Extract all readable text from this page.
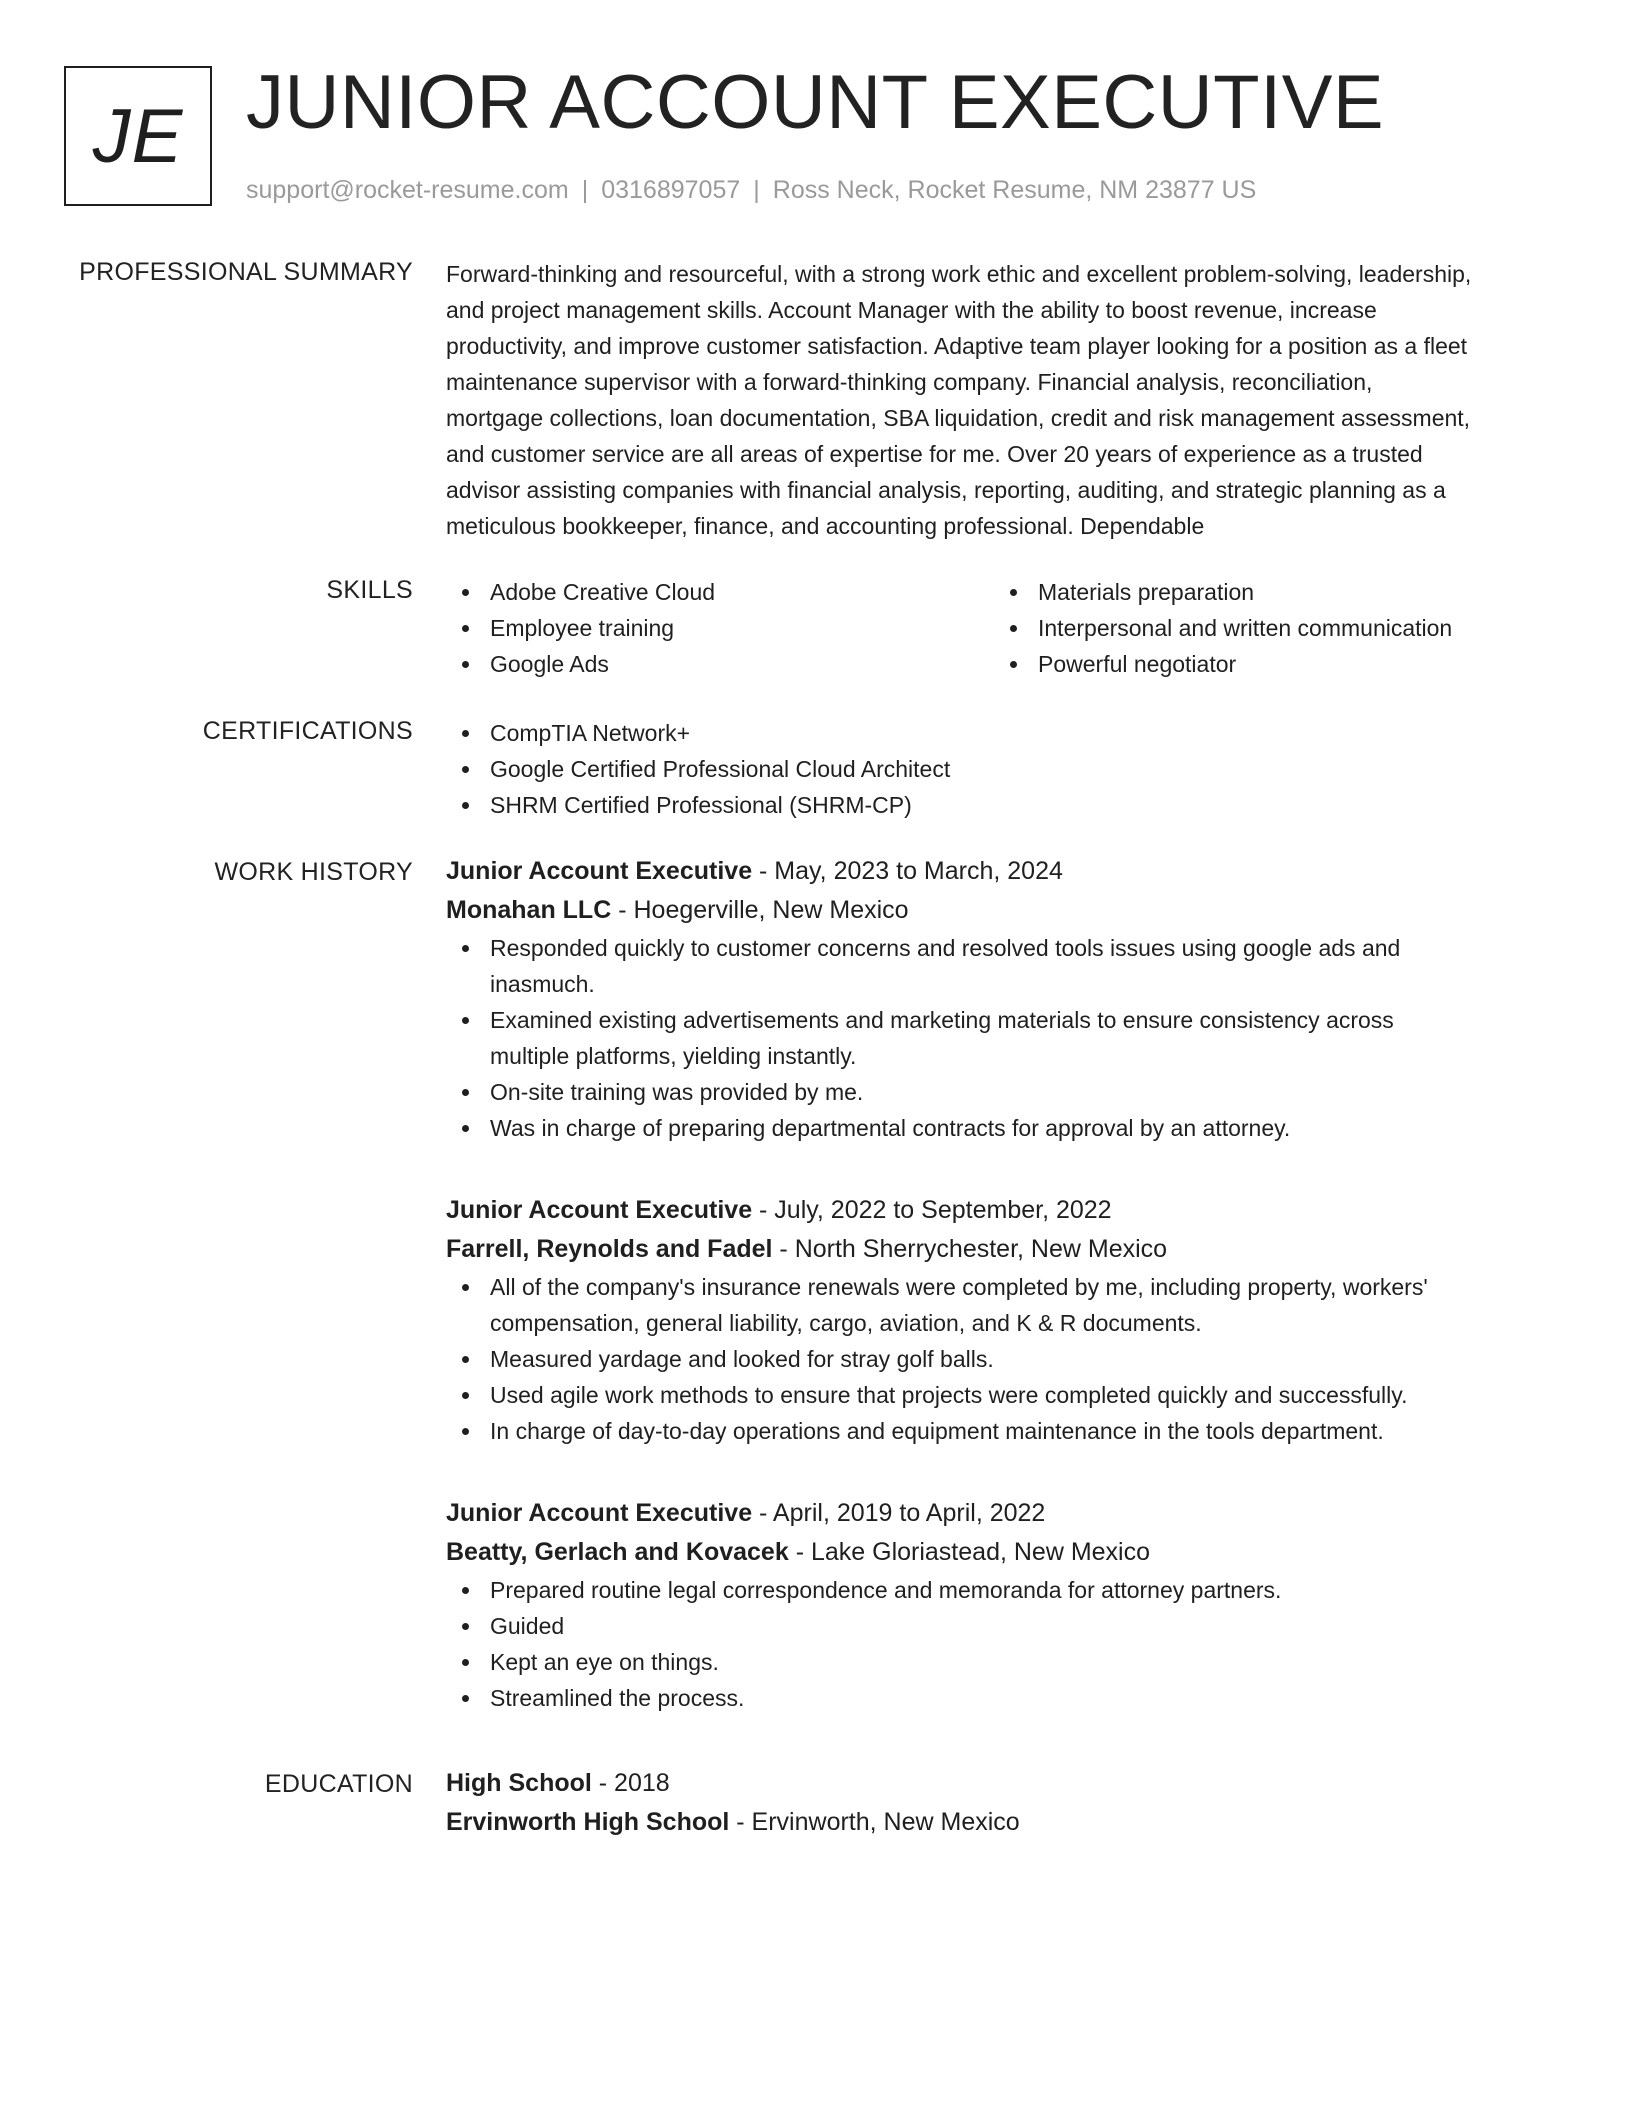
JE JUNIOR ACCOUNT EXECUTIVE
support@rocket-resume.com | 0316897057 | Ross Neck, Rocket Resume, NM 23877 US
PROFESSIONAL SUMMARY Forward-thinking and resourceful, with a strong work ethic and excellent problem-solving, leadership,
and project management skills. Account Manager with the ability to boost revenue, increase
productivity, and improve customer satisfaction. Adaptive team player looking for a position as a fleet
maintenance supervisor with a forward-thinking company. Financial analysis, reconciliation,
mortgage collections, loan documentation, SBA liquidation, credit and risk management assessment,
and customer service are all areas of expertise for me. Over 20 years of experience as a trusted
advisor assisting companies with financial analysis, reporting, auditing, and strategic planning as a
meticulous bookkeeper, finance, and accounting professional. Dependable
SKILLS	Adobe Creative Cloud
Employee training
Google Ads
Materials preparation
Interpersonal and written communication
Powerful negotiator
CERTIFICATIONS	CompTIA Network+
Google Certified Professional Cloud Architect
SHRM Certified Professional (SHRM-CP)
WORK HISTORY Junior Account Executive - May, 2023 to March, 2024
Monahan LLC - Hoegerville, New Mexico
Responded quickly to customer concerns and resolved tools issues using google ads and
inasmuch.
Examined existing advertisements and marketing materials to ensure consistency across
multiple platforms, yielding instantly.
On-site training was provided by me.
Was in charge of preparing departmental contracts for approval by an attorney.
Junior Account Executive - July, 2022 to September, 2022
Farrell, Reynolds and Fadel - North Sherrychester, New Mexico
All of the company's insurance renewals were completed by me, including property, workers'
compensation, general liability, cargo, aviation, and K & R documents.
Measured yardage and looked for stray golf balls.
Used agile work methods to ensure that projects were completed quickly and successfully.
In charge of day-to-day operations and equipment maintenance in the tools department.
Junior Account Executive - April, 2019 to April, 2022
Beatty, Gerlach and Kovacek - Lake Gloriastead, New Mexico
Prepared routine legal correspondence and memoranda for attorney partners.
Guided
Kept an eye on things.
Streamlined the process.
EDUCATION High School - 2018
Ervinworth High School - Ervinworth, New Mexico
